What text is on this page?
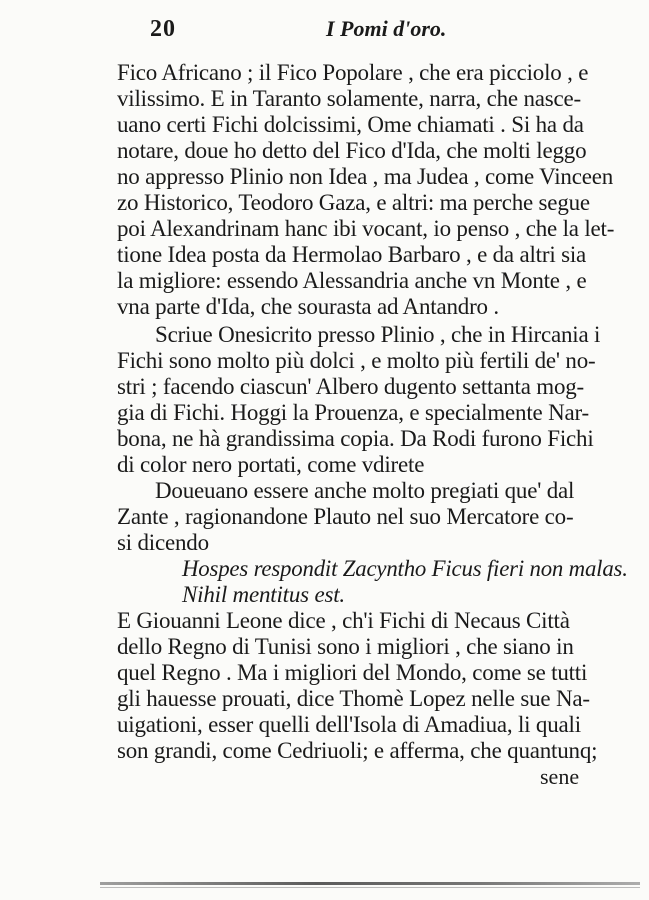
20	I Pomi d'oro.
Fico Africano ; il Fico Popolare , che era picciolo , e
vilissimo. E in Taranto solamente, narra, che nasce-
uano certi Fichi dolcissimi, Ome chiamati . Si ha da
notare, doue ho detto del Fico d'Ida, che molti leggo
no appresso Plinio non Idea , ma Judea , come Vinceen
zo Historico, Teodoro Gaza, e altri: ma perche segue
poi Alexandrinam hanc ibi vocant, io penso , che la let-
tione Idea posta da Hermolao Barbaro , e da altri sia
la migliore: essendo Alessandria anche vn Monte , e
vna parte d'Ida, che sourasta ad Antandro .
Scriue Onesicrito presso Plinio , che in Hircania i
Fichi sono molto più dolci , e molto più fertili de' no-
stri ; facendo ciascun' Albero dugento settanta mog-
gia di Fichi. Hoggi la Prouenza, e specialmente Nar-
bona, ne hà grandissima copia. Da Rodi furono Fichi
di color nero portati, come vdirete
Doueuano essere anche molto pregiati que' dal
Zante , ragionandone Plauto nel suo Mercatore co-
si dicendo
Hospes respondit Zacyntho Ficus fieri non malas.
Nihil mentitus est.
E Giouanni Leone dice , ch'i Fichi di Necaus Città
dello Regno di Tunisi sono i migliori , che siano in
quel Regno . Ma i migliori del Mondo, come se tutti
gli hauesse prouati, dice Thomè Lopez nelle sue Na-
uigationi, esser quelli dell'Isola di Amadiua, li quali
son grandi, come Cedriuoli; e afferma, che quantunq;
sene
